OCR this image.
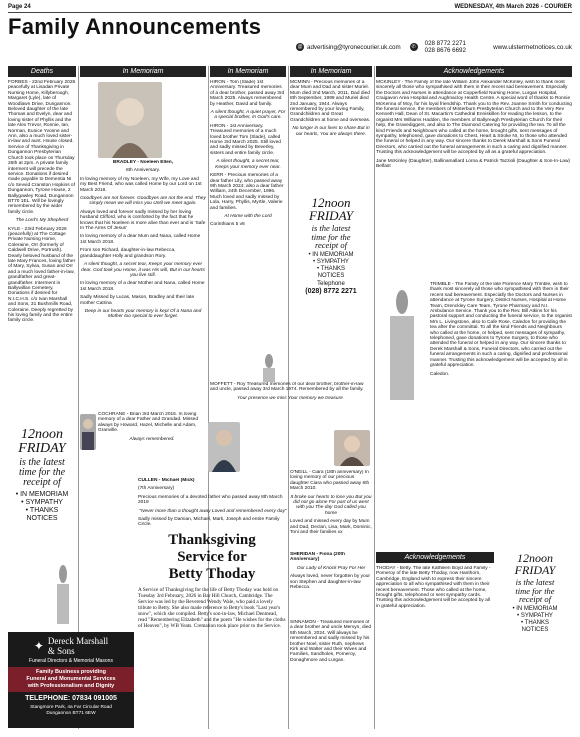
Page 24	WEDNESDAY, 4th March 2026 - COURIER
Family Announcements
@ advertising@tyronecourier.uk.com	✆	028 8772 2271
028 8676 6692	www.ulstermetnotices.co.uk
Deaths	In Memoriam	In Memoriam	In Memoriam	Acknowledgements

FORBES - 22nd February 2026 peacefully at Lisadan Private Nursing Home, Killyberough, Margaret (Lyle), late of Woodlawn Drive, Dungannon. Beloved daughter of the late Thomas and Evelyn, dear and loving sister of Phyllis and the late Alex Trevor, Ronnie, Ian, Norman, Eunice Yvonne and Ann, also a much loved sister-in-law and aunt. House closed. Service of Thanksgiving in Dungannon Presbyterian Church took place on Thursday 26th at 2pm. A private family interment will precede the service. Donations if desired made payable to Dementia NI c/o Sevvid Cranston Hopkins of Dungannon, Tyrone House, 2 Ballygawley Road, Dungannon BT70 1EL. Will be lovingly remembered by the wider family circle.

The Lord's My Shepherd

KYLE - 23rd February 2026 (peacefully) at The Cottage Private Nursing Home, Coleraine, Orr (formerly of Caldwell Drive, Portrush). Dearly beloved husband of the late Mary Frances, loving father of Mary, Sylvia, Susan and Orr and a much loved father-in-law, grandfather and great-grandfather. Interment in Ballywillan Cemetery. Donations if desired for N.I.C.H.S. c/o Ivan Marshall and Sons, 31 Bushmills Road, Coleraine. Deeply regretted by his loving family and the entire family circle.

12noon
FRIDAY
is the latest
time for the
receipt of
• IN MEMORIAM
• SYMPATHY
• THANKS
NOTICES

BRADLEY - Noeleen Ellen,

8th Anniversary.

In loving memory of my Noeleen, my Wife, my Love and my Best Friend, who was called Home by our Lord on 1st March 2018.

Goodbyes are not forever. Goodbyes are not the end. They simply mean we will miss you Until we meet again.

Always loved and forever sadly missed by her loving husband Clifford, who is comforted by the fact that he knows that his Noeleen is more alive than ever and is 'Safe In The Arms Of Jesus'

In loving memory of a dear Mum and Nana, called Home 1st March 2018.

From son Richard, daughter-in-law Rebecca, granddaughter Holly and grandson Rory.

A silent thought, a secret tear, Keeps your memory ever dear. God took you Home, it was His will, But in our hearts you live still.

In loving memory of a dear Mother and Nana, called Home 1st March 2018.

Sadly Missed by Lucas, Mason, Bradley and their late mother Catrina

Deep in our hearts your memory is kept Of a Nana and Mother too special to ever forget.

COCHRANE - Brian 3rd March 2016. In loving memory of a dear Father and Grandad. Missed always by Howard, Hazel, Michelle and Adam, Granville.

Always remembered.

HIRON - Tom (Slade) 1st Anniversary. Treasured memories of a dear brother, passed away 3rd March 2025. Always remembered by Heather, David and family.

A silent thought, A quiet prayer, For a special brother, In God's care.

HIRON - 1st Anniversary. Treasured memories of a much loved brother Tom (Slade), called Home 3rd March 2025. Still loved and sadly missed by Beverley, sisters and entire family circle.

A silent thought, a secret tear, Keeps your memory ever near.

KERR - Precious memories of a dear father Lily, who passed away 9th March 2024; also a dear father William, 24th December, 1996. Much loved and sadly missed by Lola, Harry, Phyllis, Myrtle, Valerie and families.

At Home with the Lord

Corinthians 5 v8

MOFFETT - Roy Treasured memories of our dear brother, brother-in-law and uncle, passed away 3rd March 1974. Remembered by all the family.

Your presence we miss Your memory we treasure

CULLEN - Michael (Mick)

(7th Anniversary)

Precious memories of a devoted father who passed away 8th March 2019

"Never more than a thought away Loved and remembered every day"

Sadly missed by Damian, Michael, Mark, Joseph and entire Family Circle.

MCMINN - Precious memories of a dear Mum and Dad and sister Muriel. Mum died 2nd March, 2011, Dad died 8th September, 1999 and Muriel died 2nd January, 1944. Always remembered by your loving Family, Grandchildren and Great Grandchildren at home and overseas.

No longer in our lives to share But in our hearts, You are always there.

12noon
FRIDAY
is the latest
time for the
receipt of
• IN MEMORIAM
• SYMPATHY
• THANKS
NOTICES
Telephone
(028) 8772 2271

O'NEILL - Ciara (18th anniversary) In loving memory of our precious daughter Ciara who passed away 6th March 2010.

It broke our hearts to lose you But you did not go alone For part of us went with you The day God called you home

Loved and missed every day by Mum and Dad, Declan, Lisa, Mark, Dominic, Toni and their families xx

SHERIDAN - Fiona (20th Anniversary)

Our Lady of Knock Pray For Her

Always loved, never forgotten by your son Stephen and daughter-in-law Rebecca.

SINNAMON - Treasured memories of a dear brother and uncle Mervyn, died 5th March, 2024. Will always be remembered and sadly missed by his brother Noel, sister Ruth, nephews Kirk and Walter and their Wives and Families, Sandholes, Pomeroy, Donaghmore and Lurgan.

MCKINLEY - The Family of the late William John Alexander McKinley, wish to thank most sincerely all those who sympathised with them in their recent sad bereavement. Especially the Doctors and Nurses in attendance at Copperfield Nursing Home, Lurgan Hospital, Craigavon Area Hospital and Aughnacloy Health Centre. A special word of thanks to Ronnie McKenna of Moy, for his loyal friendship. Thank you to the Rev. Joanne Smith for conducting the funeral service, the members of Minterburn Presbyterian Church and to the Very Rev Kenneth Hall, Dean of St. Macartin's Cathedral Enniskillen for reading the lesson, to the organist Mrs Williams Hadden, the members of Ballyreagh Presbyterian Church for their help, the Gravediggers, and also to The Diamond Catering for providing the tea. To all the kind Friends and Neighbours who called at the home, brought gifts, sent messages of sympathy, telephoned, gave donations to Chest, Heart & Stroke NI, to those who attended the funeral or helped in any way. Our sincere thanks to Derek Marshall & Sons Funeral Directors, who carried out the funeral arrangements in such a caring and dignified manner. Trusting this acknowledgement will be accepted by all as a grateful appreciation.

Jane McKinley (Daughter), Ballinamallard Lorna & Patrick Tazzioli (Daughter & Son-In-Law) Belfast

TRIMBLE - The Family of the late Florence Mary Trimble, wish to thank most sincerely all those who sympathised with them in their recent sad bereavement. Especially the Doctors and Nurses in attendance at Tyrone Surgery, District Nurses, Hospital at Home Team, Drenckley Care Team, Tyrone Pharmacy and N.I. Ambulance Service. Thank you to the Rev. Bill Atkins for his pastoral support and conducting the funeral service, to the organist Mrs L. Livingstone, also to Cafe Rose, Caledon for providing the tea after the committal. To all the kind Friends and Neighbours who called at the home, or helped, sent messages of sympathy, telephoned, gave donations to Tyrone Surgery, to those who attended the funeral or helped in any way. Our sincere thanks to Derek Marshall & Sons, Funeral Directors, who carried out the funeral arrangements in such a caring, dignified and professional manner. Trusting this acknowledgement will be accepted by all in grateful appreciation.

Caledon.

Acknowledgements

THODAY - Betty. The late Kathleen Boyd and Family - Pomeroy of the late Betty Thoday, now Hanthorn, Cambridge, England wish to express their sincere appreciation to all who sympathised with them in their recent bereavement. Those who called at the home, brought gifts, telephoned or sent sympathy cards. Trusting this acknowledgement will be accepted by all in grateful appreciation.

12noon
FRIDAY
is the latest
time for the
receipt of
• IN MEMORIAM
• SYMPATHY
• THANKS
NOTICES
Thanksgiving
Service for
Betty Thoday

A Service of Thanksgiving for the life of Betty Thoday was held on Tuesday 3rd February, 2026 in Bar Hill Church, Cambridge. The Service was led by the Reverend Wendy Wale, who paid a lovely tribute to Betty. She also made reference to Betty's book "Last year's snow", which she compiled. Betty's son-in-law, Michael Denmead, read "Remembering Elizabeth" and the poem "He wishes for the cloths of Heaven", by WB Yeats. Cremation took place prior to the Service.

✦ Dereck Marshall
& Sons
Funeral Directors & Memorial Masons
Family Business providing
Funeral and Monumental Services
with Professionalism and Dignity
TELEPHONE: 07834 091005
Stangmore Park, 4a Far Circular Road
Dungannon BT71 6EW
